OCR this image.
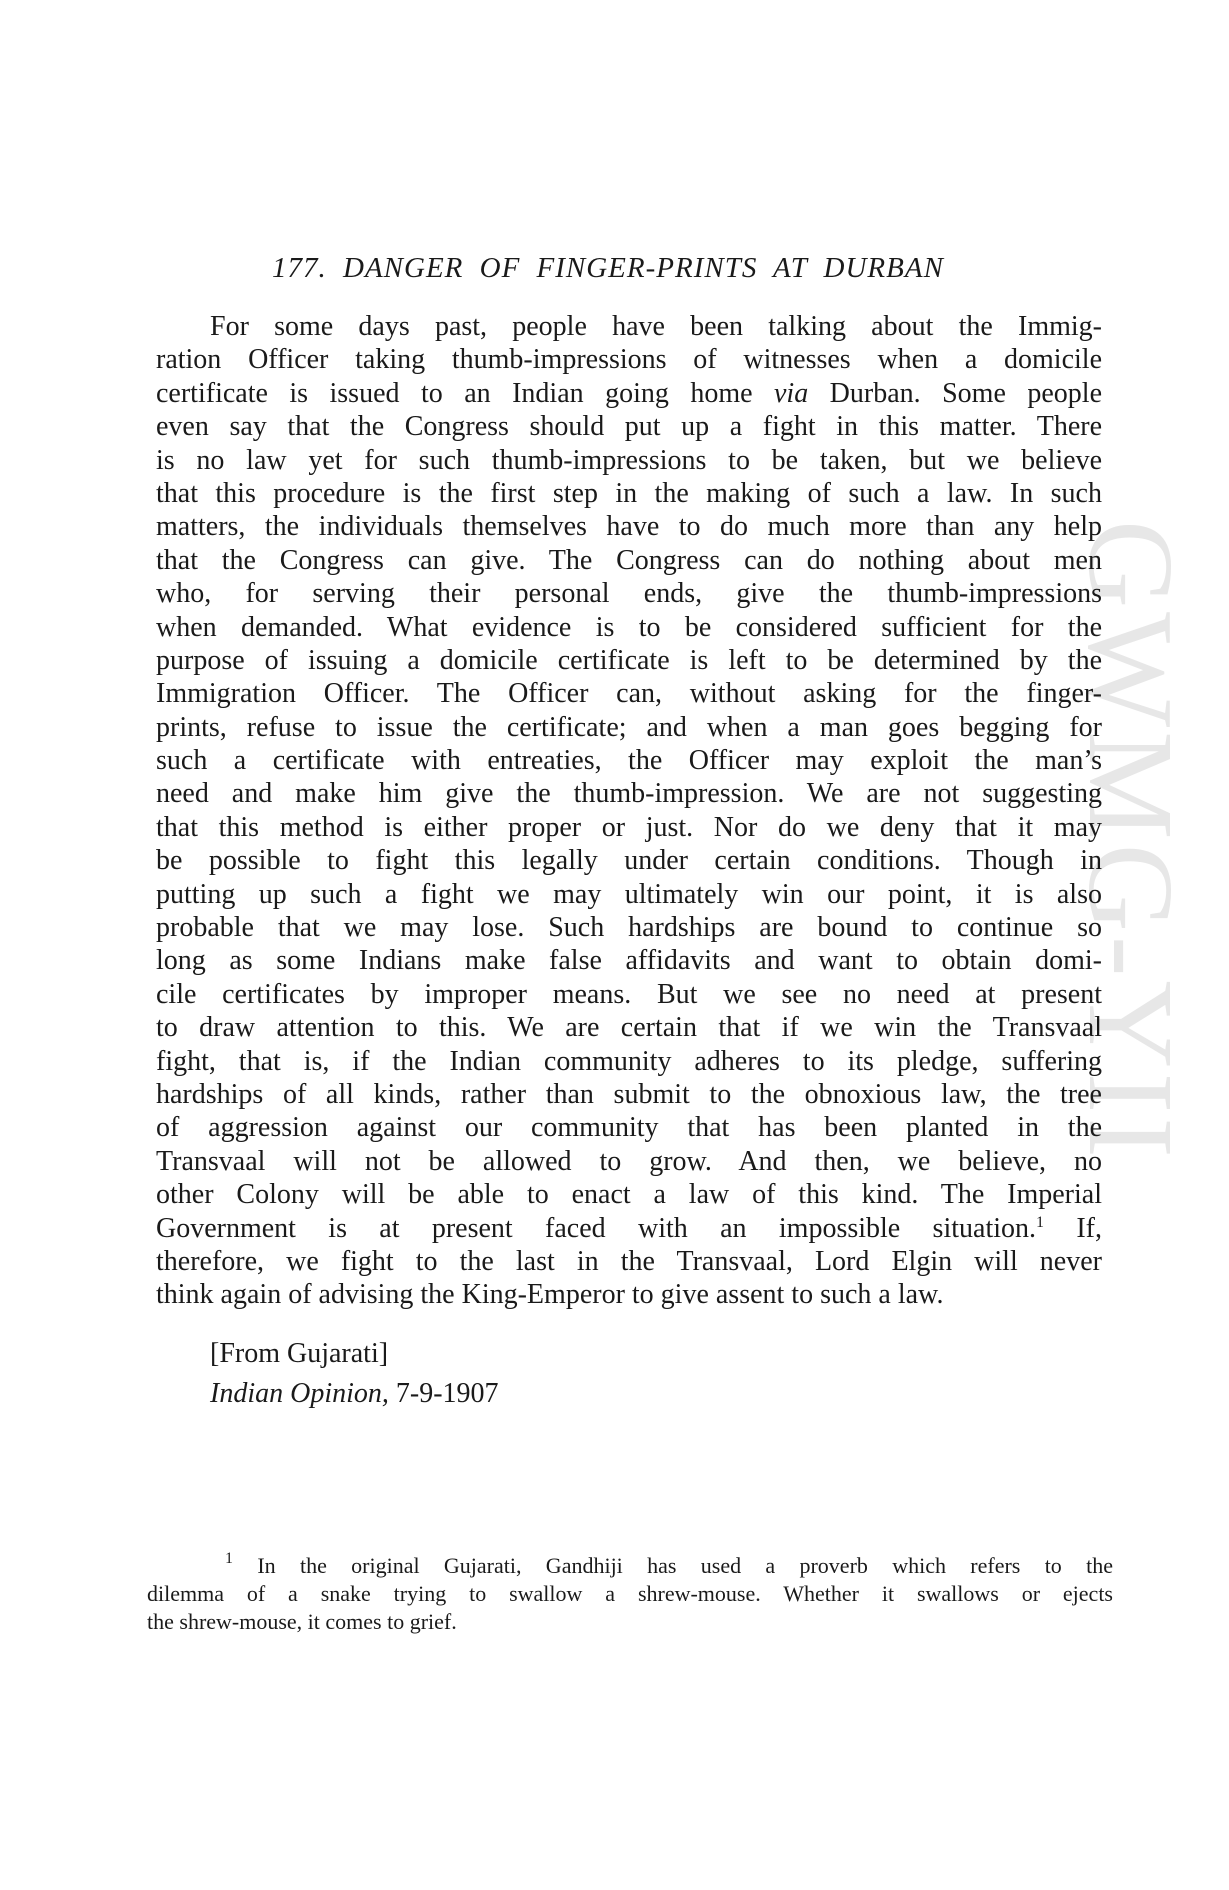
GWMG-YII
177. DANGER OF FINGER-PRINTS AT DURBAN
For some days past, people have been talking about the Immig-
ration Officer taking thumb-impressions of witnesses when a domicile
certificate is issued to an Indian going home via Durban. Some people
even say that the Congress should put up a fight in this matter. There
is no law yet for such thumb-impressions to be taken, but we believe
that this procedure is the first step in the making of such a law. In such
matters, the individuals themselves have to do much more than any help
that the Congress can give. The Congress can do nothing about men
who, for serving their personal ends, give the thumb-impressions
when demanded. What evidence is to be considered sufficient for the
purpose of issuing a domicile certificate is left to be determined by the
Immigration Officer. The Officer can, without asking for the finger-
prints, refuse to issue the certificate; and when a man goes begging for
such a certificate with entreaties, the Officer may exploit the man’s
need and make him give the thumb-impression. We are not suggesting
that this method is either proper or just. Nor do we deny that it may
be possible to fight this legally under certain conditions. Though in
putting up such a fight we may ultimately win our point, it is also
probable that we may lose. Such hardships are bound to continue so
long as some Indians make false affidavits and want to obtain domi-
cile certificates by improper means. But we see no need at present
to draw attention to this. We are certain that if we win the Transvaal
fight, that is, if the Indian community adheres to its pledge, suffering
hardships of all kinds, rather than submit to the obnoxious law, the tree
of aggression against our community that has been planted in the
Transvaal will not be allowed to grow. And then, we believe, no
other Colony will be able to enact a law of this kind. The Imperial
Government is at present faced with an impossible situation.$^1$ If,
therefore, we fight to the last in the Transvaal, Lord Elgin will never
think again of advising the King-Emperor to give assent to such a law.
[From Gujarati]
Indian Opinion, 7-9-1907
$^1$ In the original Gujarati, Gandhiji has used a proverb which refers to the
dilemma of a snake trying to swallow a shrew-mouse. Whether it swallows or ejects
the shrew-mouse, it comes to grief.
